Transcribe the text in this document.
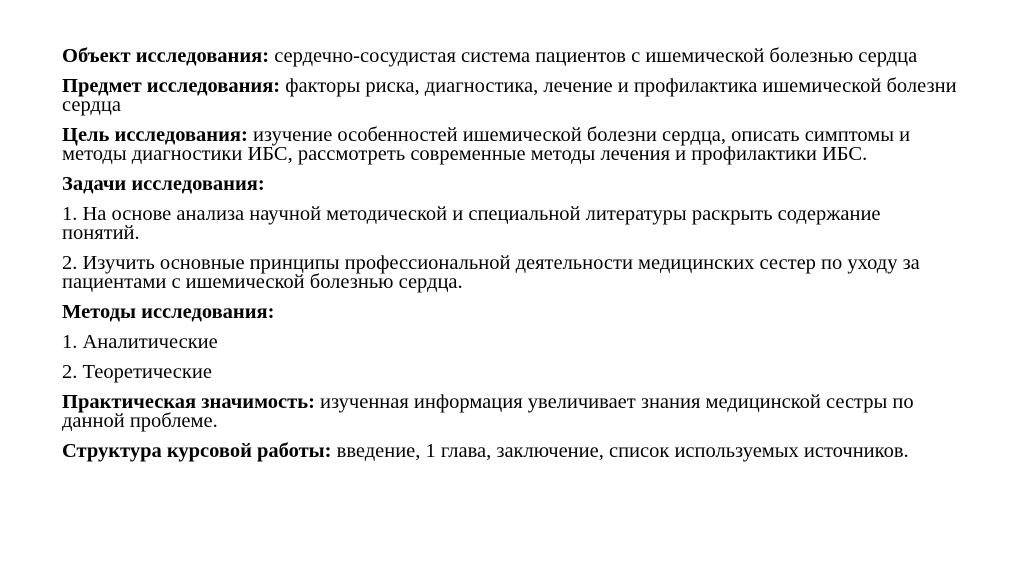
Объект исследования: сердечно-сосудистая система пациентов с ишемической болезнью сердца

Предмет исследования: факторы риска, диагностика, лечение и профилактика ишемической болезни сердца

Цель исследования: изучение особенностей ишемической болезни сердца, описать симптомы и методы диагностики ИБС, рассмотреть современные методы лечения и профилактики ИБС.

Задачи исследования:

1. На основе анализа научной методической и специальной литературы раскрыть содержание понятий.

2. Изучить основные принципы профессиональной деятельности медицинских сестер по уходу за пациентами с ишемической болезнью сердца.

Методы исследования:

1. Аналитические

2. Теоретические

Практическая значимость: изученная информация увеличивает знания медицинской сестры по данной проблеме.

Структура курсовой работы: введение, 1 глава, заключение, список используемых источников.
